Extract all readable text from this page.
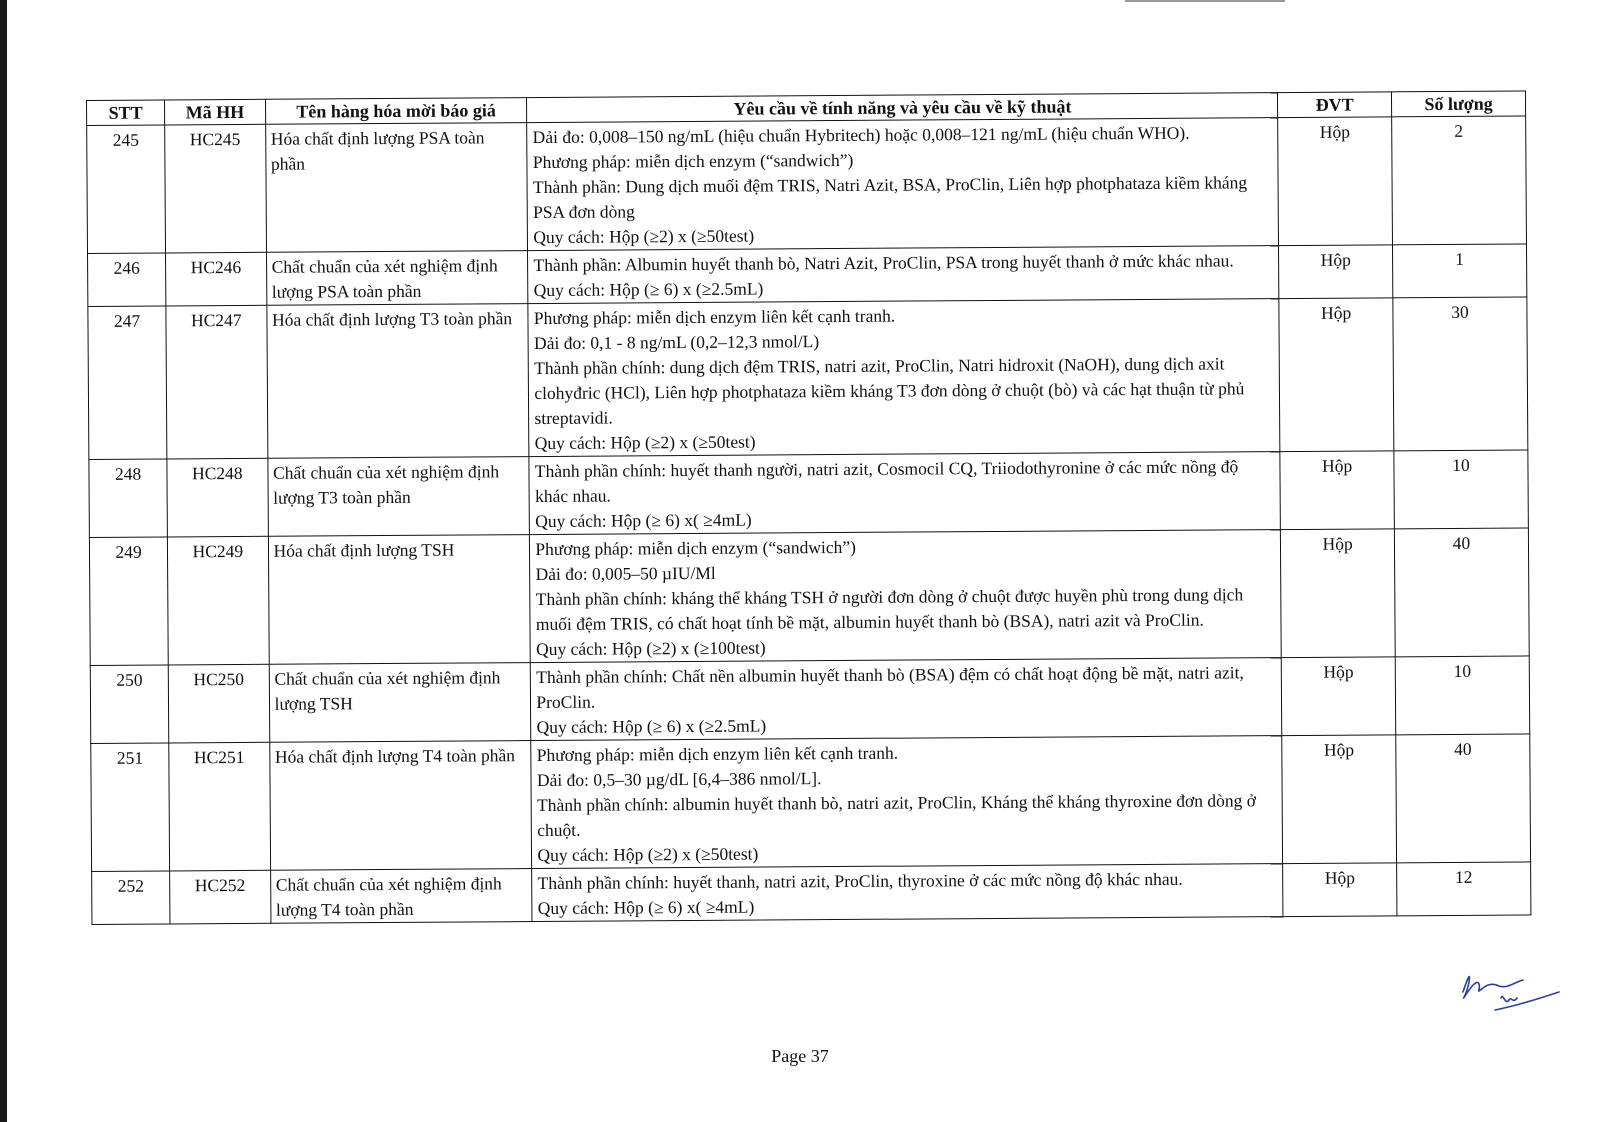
STT	Mã HH	Tên hàng hóa mời báo giá	Yêu cầu về tính năng và yêu cầu về kỹ thuật	ĐVT	Số lượng
245	HC245	Hóa chất định lượng PSA toàn phần	Dải đo: 0,008–150 ng/mL (hiệu chuẩn Hybritech) hoặc 0,008–121 ng/mL (hiệu chuẩn WHO).
Phương pháp: miễn dịch enzym (“sandwich”)
Thành phần: Dung dịch muối đệm TRIS, Natri Azit, BSA, ProClin, Liên hợp photphataza kiềm kháng PSA đơn dòng
Quy cách: Hộp (≥2) x (≥50test)	Hộp	2
246	HC246	Chất chuẩn của xét nghiệm định lượng PSA toàn phần	Thành phần: Albumin huyết thanh bò, Natri Azit, ProClin, PSA trong huyết thanh ở mức khác nhau.
Quy cách: Hộp (≥ 6) x (≥2.5mL)	Hộp	1
247	HC247	Hóa chất định lượng T3 toàn phần	Phương pháp: miễn dịch enzym liên kết cạnh tranh.
Dải đo: 0,1 - 8 ng/mL (0,2–12,3 nmol/L)
Thành phần chính: dung dịch đệm TRIS, natri azit, ProClin, Natri hidroxit (NaOH), dung dịch axit clohyđric (HCl), Liên hợp photphataza kiềm kháng T3 đơn dòng ở chuột (bò) và các hạt thuận từ phủ streptavidi.
Quy cách: Hộp (≥2) x (≥50test)	Hộp	30
248	HC248	Chất chuẩn của xét nghiệm định lượng T3 toàn phần	Thành phần chính: huyết thanh người, natri azit, Cosmocil CQ, Triiodothyronine ở các mức nồng độ khác nhau.
Quy cách: Hộp (≥ 6) x( ≥4mL)	Hộp	10
249	HC249	Hóa chất định lượng TSH	Phương pháp: miễn dịch enzym (“sandwich”)
Dải đo: 0,005–50 µIU/Ml
Thành phần chính: kháng thể kháng TSH ở người đơn dòng ở chuột được huyền phù trong dung dịch muối đệm TRIS, có chất hoạt tính bề mặt, albumin huyết thanh bò (BSA), natri azit và ProClin.
Quy cách: Hộp (≥2) x (≥100test)	Hộp	40
250	HC250	Chất chuẩn của xét nghiệm định lượng TSH	Thành phần chính: Chất nền albumin huyết thanh bò (BSA) đệm có chất hoạt động bề mặt, natri azit, ProClin.
Quy cách: Hộp (≥ 6) x (≥2.5mL)	Hộp	10
251	HC251	Hóa chất định lượng T4 toàn phần	Phương pháp: miễn dịch enzym liên kết cạnh tranh.
Dải đo: 0,5–30 µg/dL [6,4–386 nmol/L].
Thành phần chính: albumin huyết thanh bò, natri azit, ProClin, Kháng thể kháng thyroxine đơn dòng ở chuột.
Quy cách: Hộp (≥2) x (≥50test)	Hộp	40
252	HC252	Chất chuẩn của xét nghiệm định lượng T4 toàn phần	Thành phần chính: huyết thanh, natri azit, ProClin, thyroxine ở các mức nồng độ khác nhau.
Quy cách: Hộp (≥ 6) x( ≥4mL)	Hộp	12
Page 37
